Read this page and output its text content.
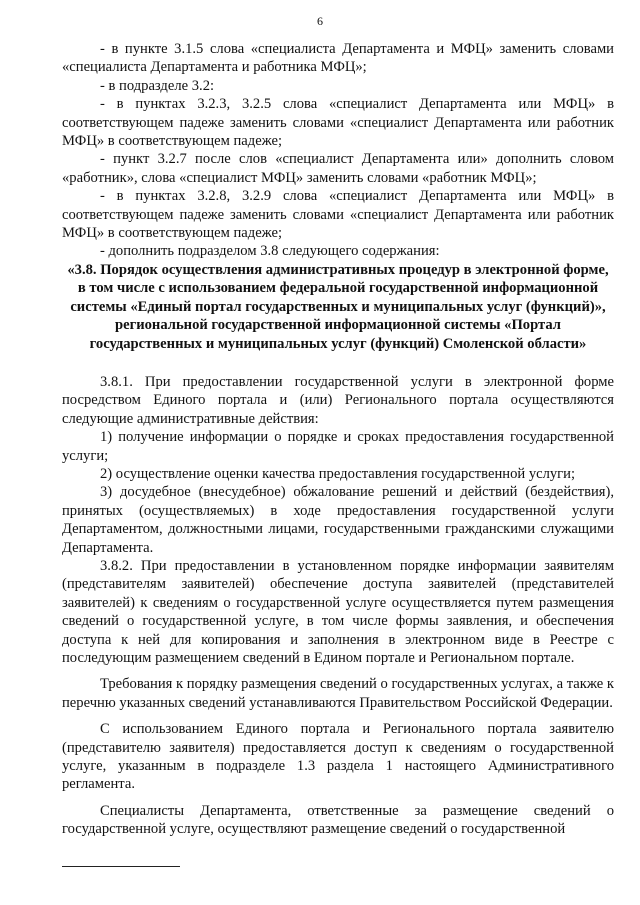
6

- в пункте 3.1.5 слова «специалиста Департамента и МФЦ» заменить словами «специалиста Департамента и работника МФЦ»;

- в подразделе 3.2:

- в пунктах 3.2.3, 3.2.5 слова «специалист Департамента или МФЦ» в соответствующем падеже заменить словами «специалист Департамента или работник МФЦ» в соответствующем падеже;

- пункт 3.2.7 после слов «специалист Департамента или» дополнить словом «работник», слова «специалист МФЦ» заменить словами «работник МФЦ»;

- в пунктах 3.2.8, 3.2.9 слова «специалист Департамента или МФЦ» в соответствующем падеже заменить словами «специалист Департамента или работник МФЦ» в соответствующем падеже;

- дополнить подразделом 3.8 следующего содержания:

«3.8. Порядок осуществления административных процедур в электронной форме, в том числе с использованием федеральной государственной информационной системы «Единый портал государственных и муниципальных услуг (функций)», региональной государственной информационной системы «Портал государственных и муниципальных услуг (функций) Смоленской области»

3.8.1. При предоставлении государственной услуги в электронной форме посредством Единого портала и (или) Регионального портала осуществляются следующие административные действия:

1) получение информации о порядке и сроках предоставления государственной услуги;

2) осуществление оценки качества предоставления государственной услуги;

3) досудебное (внесудебное) обжалование решений и действий (бездействия), принятых (осуществляемых) в ходе предоставления государственной услуги Департаментом, должностными лицами, государственными гражданскими служащими Департамента.

3.8.2. При предоставлении в установленном порядке информации заявителям (представителям заявителей) обеспечение доступа заявителей (представителей заявителей) к сведениям о государственной услуге осуществляется путем размещения сведений о государственной услуге, в том числе формы заявления, и обеспечения доступа к ней для копирования и заполнения в электронном виде в Реестре с последующим размещением сведений в Едином портале и Региональном портале.

Требования к порядку размещения сведений о государственных услугах, а также к перечню указанных сведений устанавливаются Правительством Российской Федерации.

С использованием Единого портала и Регионального портала заявителю (представителю заявителя) предоставляется доступ к сведениям о государственной услуге, указанным в подразделе 1.3 раздела 1 настоящего Административного регламента.

Специалисты Департамента, ответственные за размещение сведений о государственной услуге, осуществляют размещение сведений о государственной
